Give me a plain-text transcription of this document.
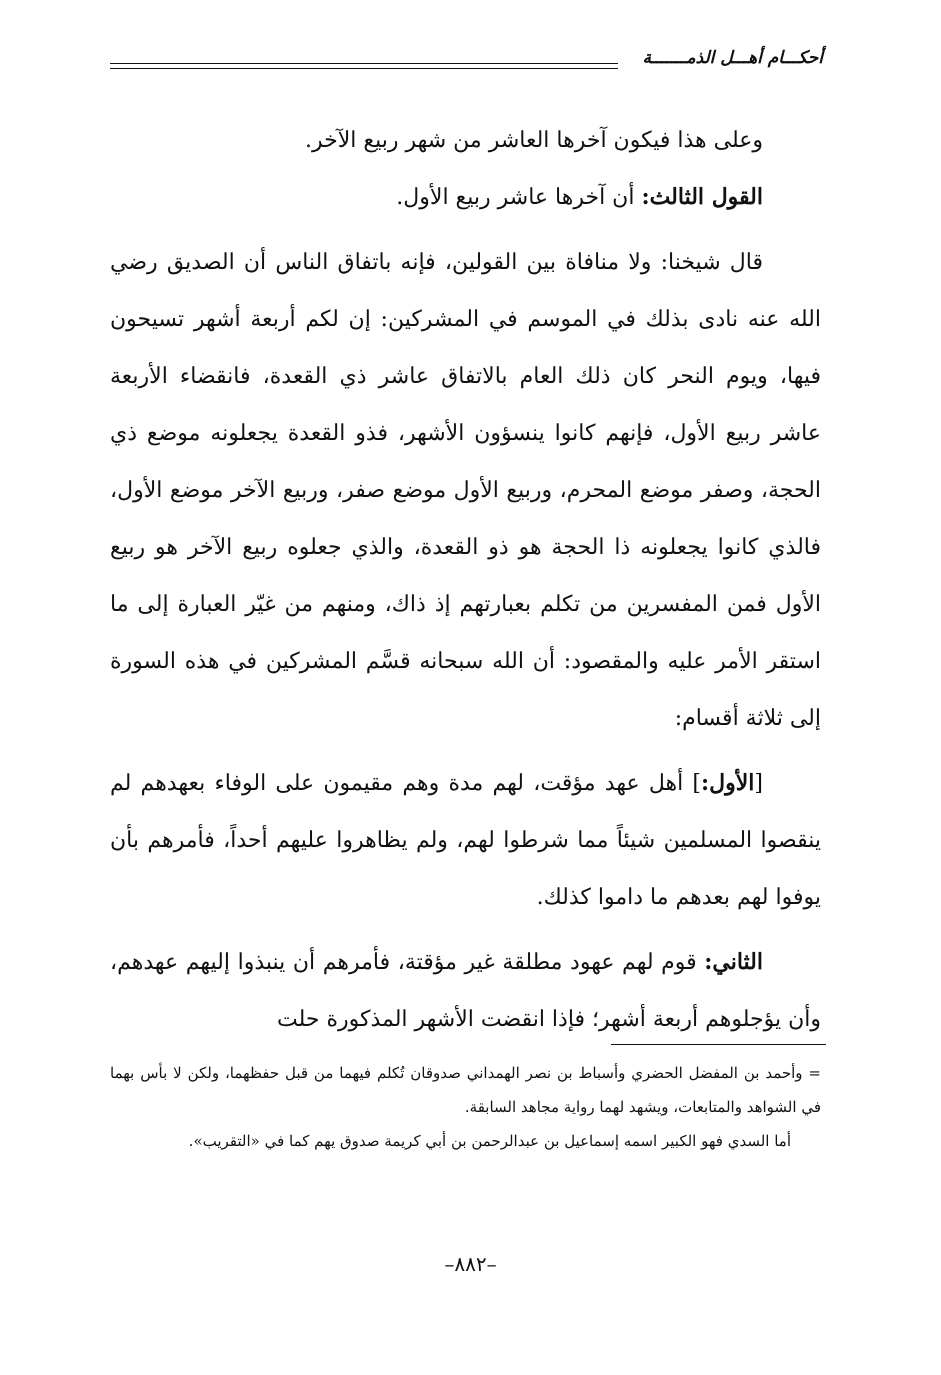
أحكـــام أهـــل الذمـــــــة

وعلى هذا فيكون آخرها العاشر من شهر ربيع الآخر.

القول الثالث: أن آخرها عاشر ربيع الأول.

قال شيخنا: ولا منافاة بين القولين، فإنه باتفاق الناس أن الصديق رضي الله عنه نادى بذلك في الموسم في المشركين: إن لكم أربعة أشهر تسيحون فيها، ويوم النحر كان ذلك العام بالاتفاق عاشر ذي القعدة، فانقضاء الأربعة عاشر ربيع الأول، فإنهم كانوا ينسؤون الأشهر، فذو القعدة يجعلونه موضع ذي الحجة، وصفر موضع المحرم، وربيع الأول موضع صفر، وربيع الآخر موضع الأول، فالذي كانوا يجعلونه ذا الحجة هو ذو القعدة، والذي جعلوه ربيع الآخر هو ربيع الأول فمن المفسرين من تكلم بعبارتهم إذ ذاك، ومنهم من غيّر العبارة إلى ما استقر الأمر عليه والمقصود: أن الله سبحانه قسَّم المشركين في هذه السورة إلى ثلاثة أقسام:

[الأول:] أهل عهد مؤقت، لهم مدة وهم مقيمون على الوفاء بعهدهم لم ينقصوا المسلمين شيئاً مما شرطوا لهم، ولم يظاهروا عليهم أحداً، فأمرهم بأن يوفوا لهم بعدهم ما داموا كذلك.

الثاني: قوم لهم عهود مطلقة غير مؤقتة، فأمرهم أن ينبذوا إليهم عهدهم، وأن يؤجلوهم أربعة أشهر؛ فإذا انقضت الأشهر المذكورة حلت

= وأحمد بن المفضل الحضري وأسباط بن نصر الهمداني صدوقان تُكلم فيهما من قبل حفظهما، ولكن لا بأس بهما في الشواهد والمتابعات، ويشهد لهما رواية مجاهد السابقة.

أما السدي فهو الكبير اسمه إسماعيل بن عبدالرحمن بن أبي كريمة صدوق يهم كما في «التقريب».

–٨٨٢–
